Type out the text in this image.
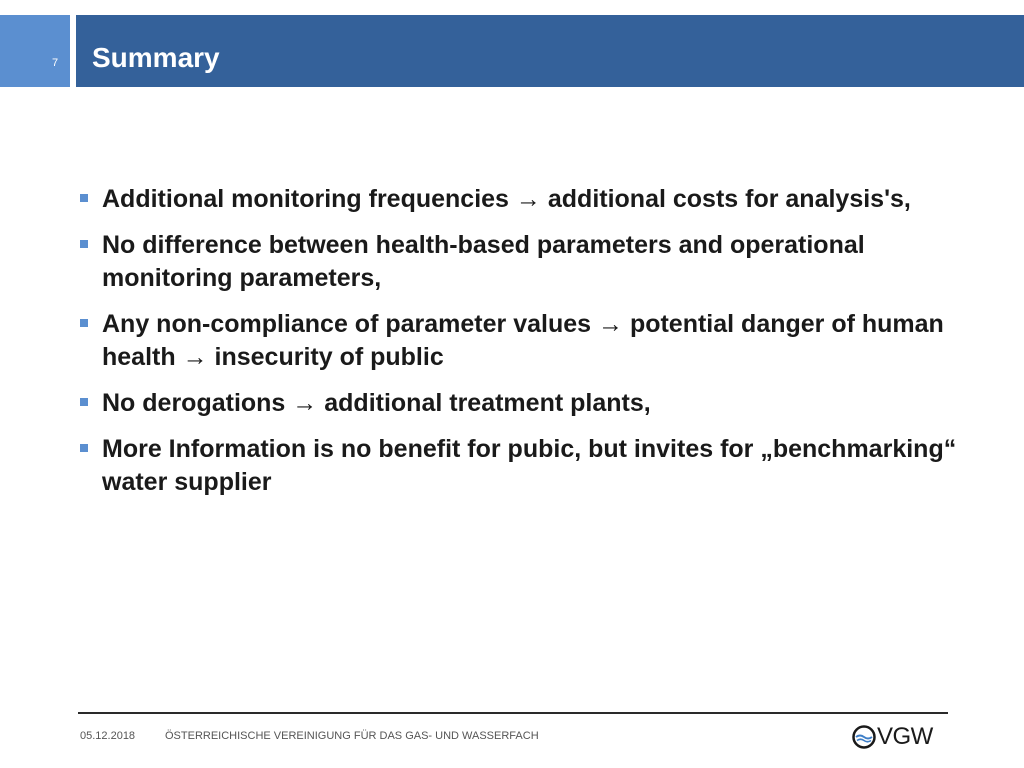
7 Summary
Additional monitoring frequencies → additional costs for analysis's,
No difference between health-based parameters and operational monitoring parameters,
Any non-compliance of parameter values → potential danger of human health → insecurity of public
No derogations → additional treatment plants,
More Information is no benefit for pubic, but invites for „benchmarking“ water supplier
05.12.2018	ÖSTERREICHISCHE VEREINIGUNG FÜR DAS GAS- UND WASSERFACH	VGW
